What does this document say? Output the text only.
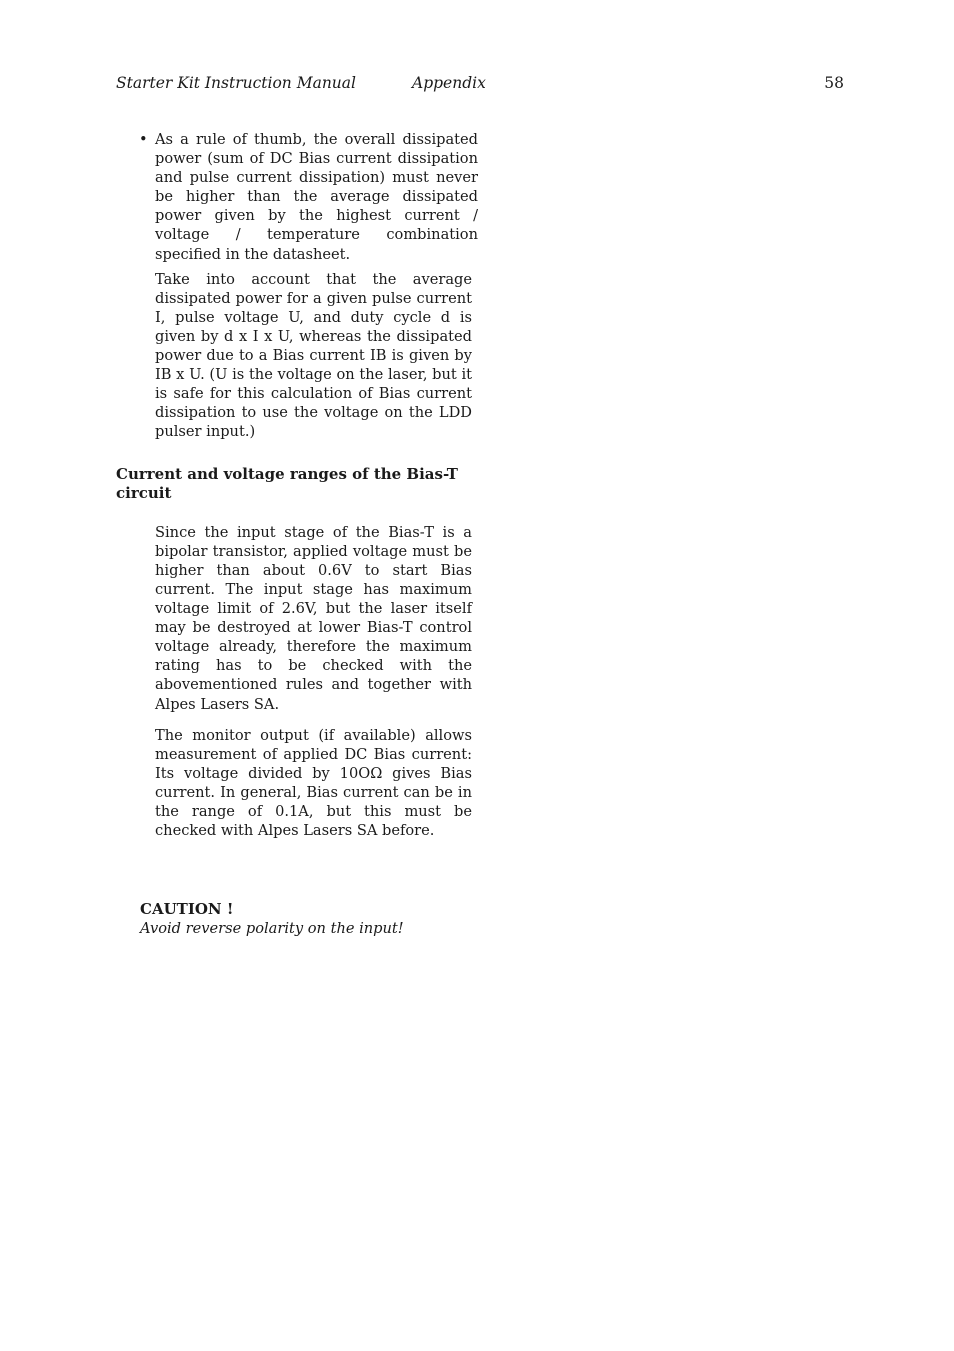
Starter Kit Instruction Manual	Appendix	58
• As a rule of thumb, the overall dissipated power (sum of DC Bias current dissipation and pulse current dissipation) must never be higher than the average dissipated power given by the highest current / voltage / temperature combination specified in the datasheet.

Take into account that the average dissipated power for a given pulse current I, pulse voltage U, and duty cycle d is given by d x I x U, whereas the dissipated power due to a Bias current IB is given by IB x U. (U is the voltage on the laser, but it is safe for this calculation of Bias current dissipation to use the voltage on the LDD pulser input.)

Current and voltage ranges of the Bias-T circuit

Since the input stage of the Bias-T is a bipolar transistor, applied voltage must be higher than about 0.6V to start Bias current. The input stage has maximum voltage limit of 2.6V, but the laser itself may be destroyed at lower Bias-T control voltage already, therefore the maximum rating has to be checked with the abovementioned rules and together with Alpes Lasers SA.

The monitor output (if available) allows measurement of applied DC Bias current: Its voltage divided by 10OΩ gives Bias current. In general, Bias current can be in the range of 0.1A, but this must be checked with Alpes Lasers SA before.

CAUTION !
Avoid reverse polarity on the input!
